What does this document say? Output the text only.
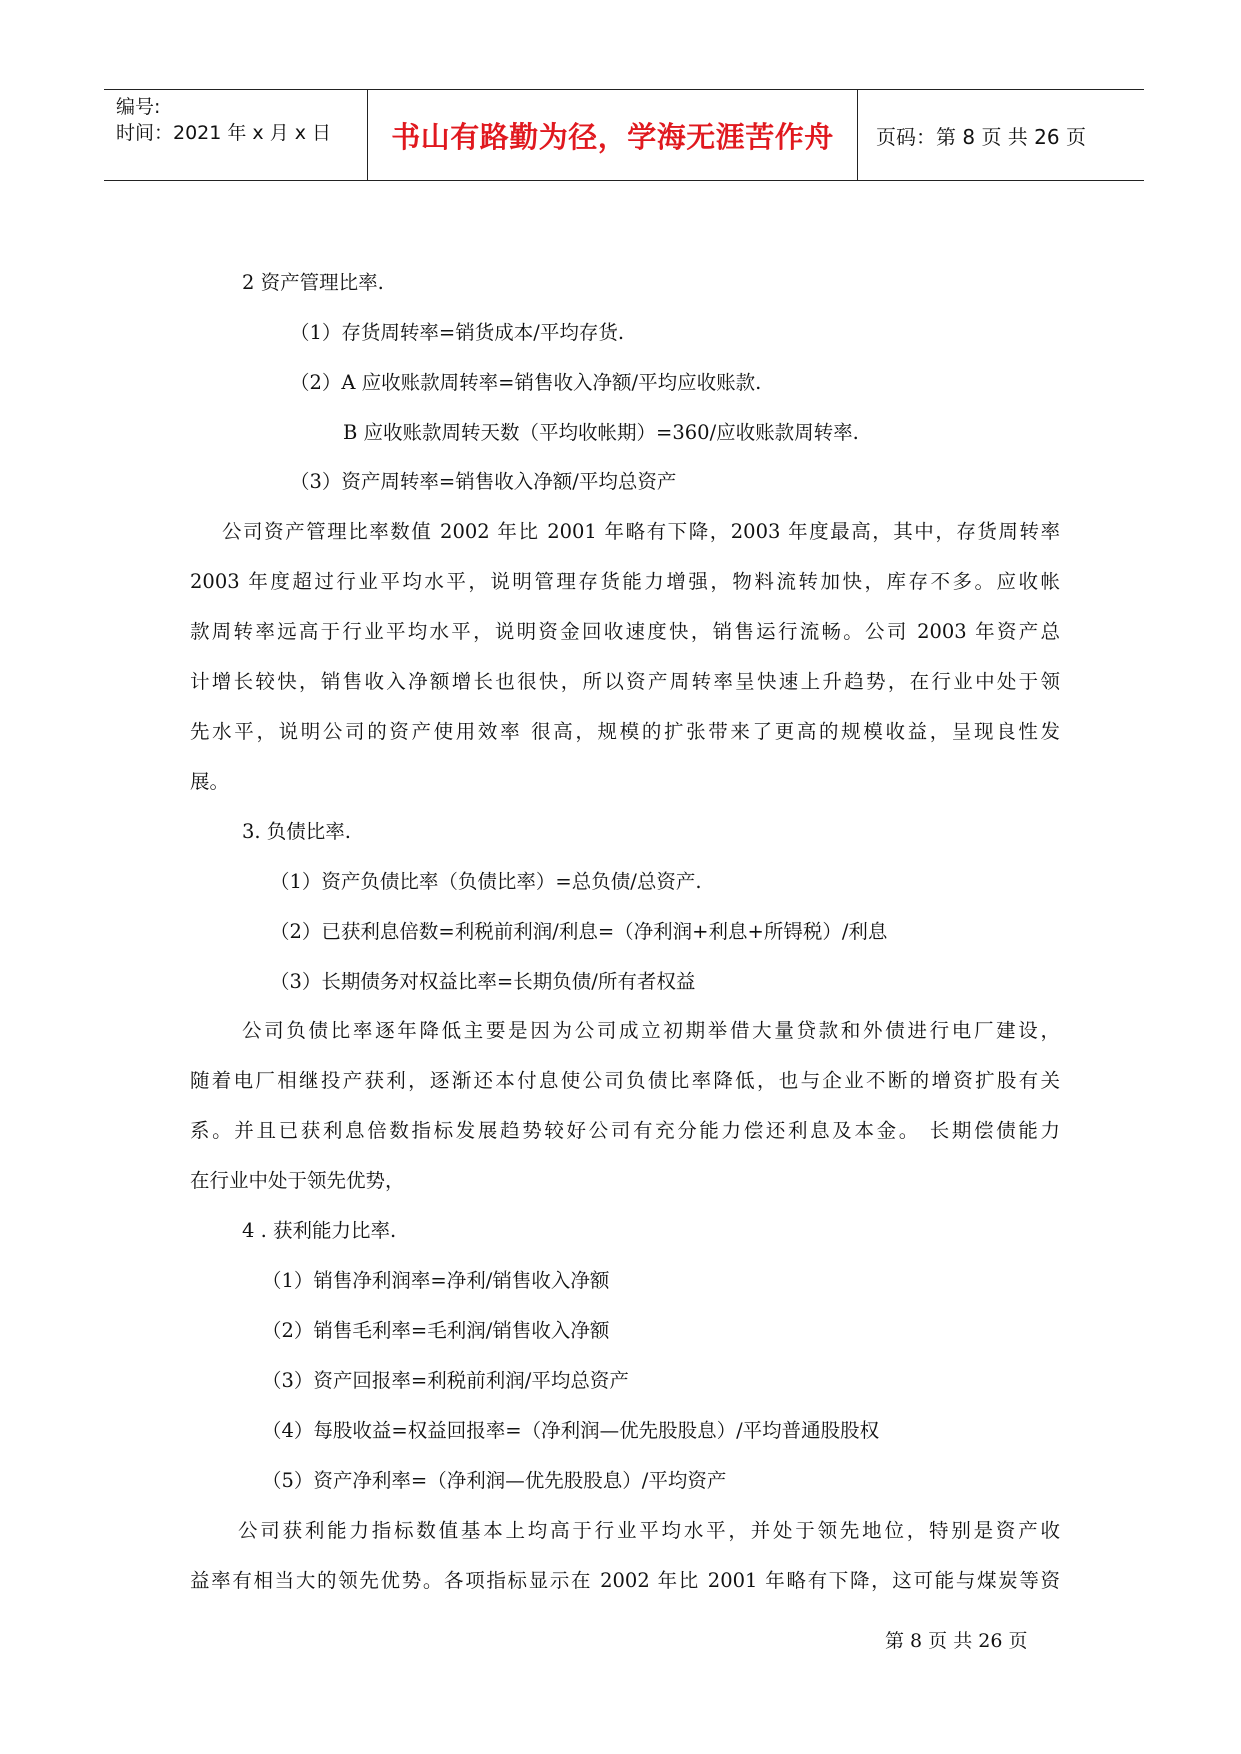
编号:
时间：2021 年 x 月 x 日	书山有路勤为径，学海无涯苦作舟	页码：第 8 页 共 26 页
2 资产管理比率.
（1）存货周转率=销货成本/平均存货.
（2）A 应收账款周转率=销售收入净额/平均应收账款.
B 应收账款周转天数（平均收帐期）=360/应收账款周转率.
（3）资产周转率=销售收入净额/平均总资产
公司资产管理比率数值 2002 年比 2001 年略有下降，2003 年度最高，其中，存货周转率
2003 年度超过行业平均水平，说明管理存货能力增强，物料流转加快，库存不多。应收帐
款周转率远高于行业平均水平，说明资金回收速度快，销售运行流畅。公司 2003 年资产总
计增长较快，销售收入净额增长也很快，所以资产周转率呈快速上升趋势，在行业中处于领
先水平，说明公司的资产使用效率 很高，规模的扩张带来了更高的规模收益，呈现良性发
展。
3. 负债比率.
（1）资产负债比率（负债比率）=总负债/总资产.
（2）已获利息倍数=利税前利润/利息=（净利润+利息+所锝税）/利息
（3）长期债务对权益比率=长期负债/所有者权益
公司负债比率逐年降低主要是因为公司成立初期举借大量贷款和外债进行电厂建设，
随着电厂相继投产获利，逐渐还本付息使公司负债比率降低，也与企业不断的增资扩股有关
系。并且已获利息倍数指标发展趋势较好公司有充分能力偿还利息及本金。 长期偿债能力
在行业中处于领先优势，
4 . 获利能力比率.
（1）销售净利润率=净利/销售收入净额
（2）销售毛利率=毛利润/销售收入净额
（3）资产回报率=利税前利润/平均总资产
（4）每股收益=权益回报率=（净利润—优先股股息）/平均普通股股权
（5）资产净利率=（净利润—优先股股息）/平均资产
公司获利能力指标数值基本上均高于行业平均水平，并处于领先地位，特别是资产收
益率有相当大的领先优势。各项指标显示在 2002 年比 2001 年略有下降，这可能与煤炭等资
第 8 页 共 26 页
